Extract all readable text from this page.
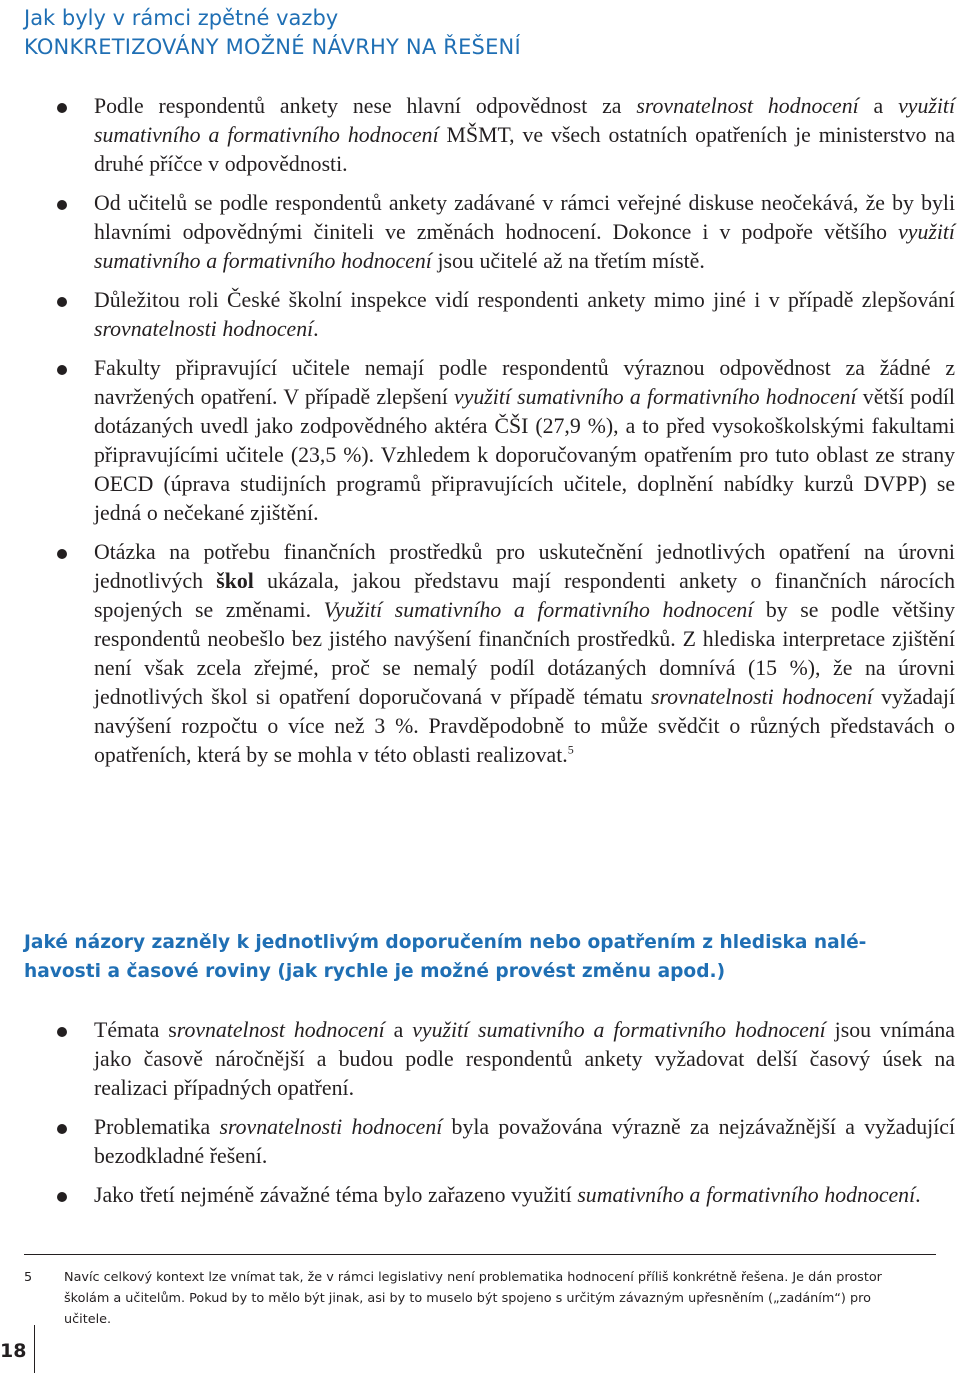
Jak byly v rámci zpětné vazby
KONKRETIZOVÁNY MOŽNÉ NÁVRHY NA ŘEŠENÍ
Podle respondentů ankety nese hlavní odpovědnost za srovnatelnost hodnocení a využití sumativního a formativního hodnocení MŠMT, ve všech ostatních opatřeních je ministerstvo na druhé příčce v odpovědnosti.
Od učitelů se podle respondentů ankety zadávané v rámci veřejné diskuse neočekává, že by byli hlavními odpovědnými činiteli ve změnách hodnocení. Dokonce i v podpoře většího využití sumativního a formativního hodnocení jsou učitelé až na třetím místě.
Důležitou roli České školní inspekce vidí respondenti ankety mimo jiné i v případě zlepšování srovnatelnosti hodnocení.
Fakulty připravující učitele nemají podle respondentů výraznou odpovědnost za žádné z navržených opatření. V případě zlepšení využití sumativního a formativního hodnocení větší podíl dotázaných uvedl jako zodpovědného aktéra ČŠI (27,9 %), a to před vysokoškolskými fakultami připravujícími učitele (23,5 %). Vzhledem k doporučovaným opatřením pro tuto oblast ze strany OECD (úprava studijních programů připravujících učitele, doplnění nabídky kurzů DVPP) se jedná o nečekané zjištění.
Otázka na potřebu finančních prostředků pro uskutečnění jednotlivých opatření na úrovni jednotlivých škol ukázala, jakou představu mají respondenti ankety o finančních nárocích spojených se změnami. Využití sumativního a formativního hodnocení by se podle většiny respondentů neobešlo bez jistého navýšení finančních prostředků. Z hlediska interpretace zjištění není však zcela zřejmé, proč se nemalý podíl dotázaných domnívá (15 %), že na úrovni jednotlivých škol si opatření doporučovaná v případě tématu srovnatelnosti hodnocení vyžadají navýšení rozpočtu o více než 3 %. Pravděpodobně to může svědčit o různých představách o opatřeních, která by se mohla v této oblasti realizovat.$^5$
Jaké názory zazněly k jednotlivým doporučením nebo opatřením z hlediska nalé-
havosti a časové roviny (jak rychle je možné provést změnu apod.)
Témata srovnatelnost hodnocení a využití sumativního a formativního hodnocení jsou vnímána jako časově náročnější a budou podle respondentů ankety vyžadovat delší časový úsek na realizaci případných opatření.
Problematika srovnatelnosti hodnocení byla považována výrazně za nejzávažnější a vyžadující bezodkladné řešení.
Jako třetí nejméně závažné téma bylo zařazeno využití sumativního a formativního hodnocení.
5 Navíc celkový kontext lze vnímat tak, že v rámci legislativy není problematika hodnocení příliš konkrétně řešena. Je dán prostor
školám a učitelům. Pokud by to mělo být jinak, asi by to muselo být spojeno s určitým závazným upřesněním („zadáním“) pro
učitele.
18
